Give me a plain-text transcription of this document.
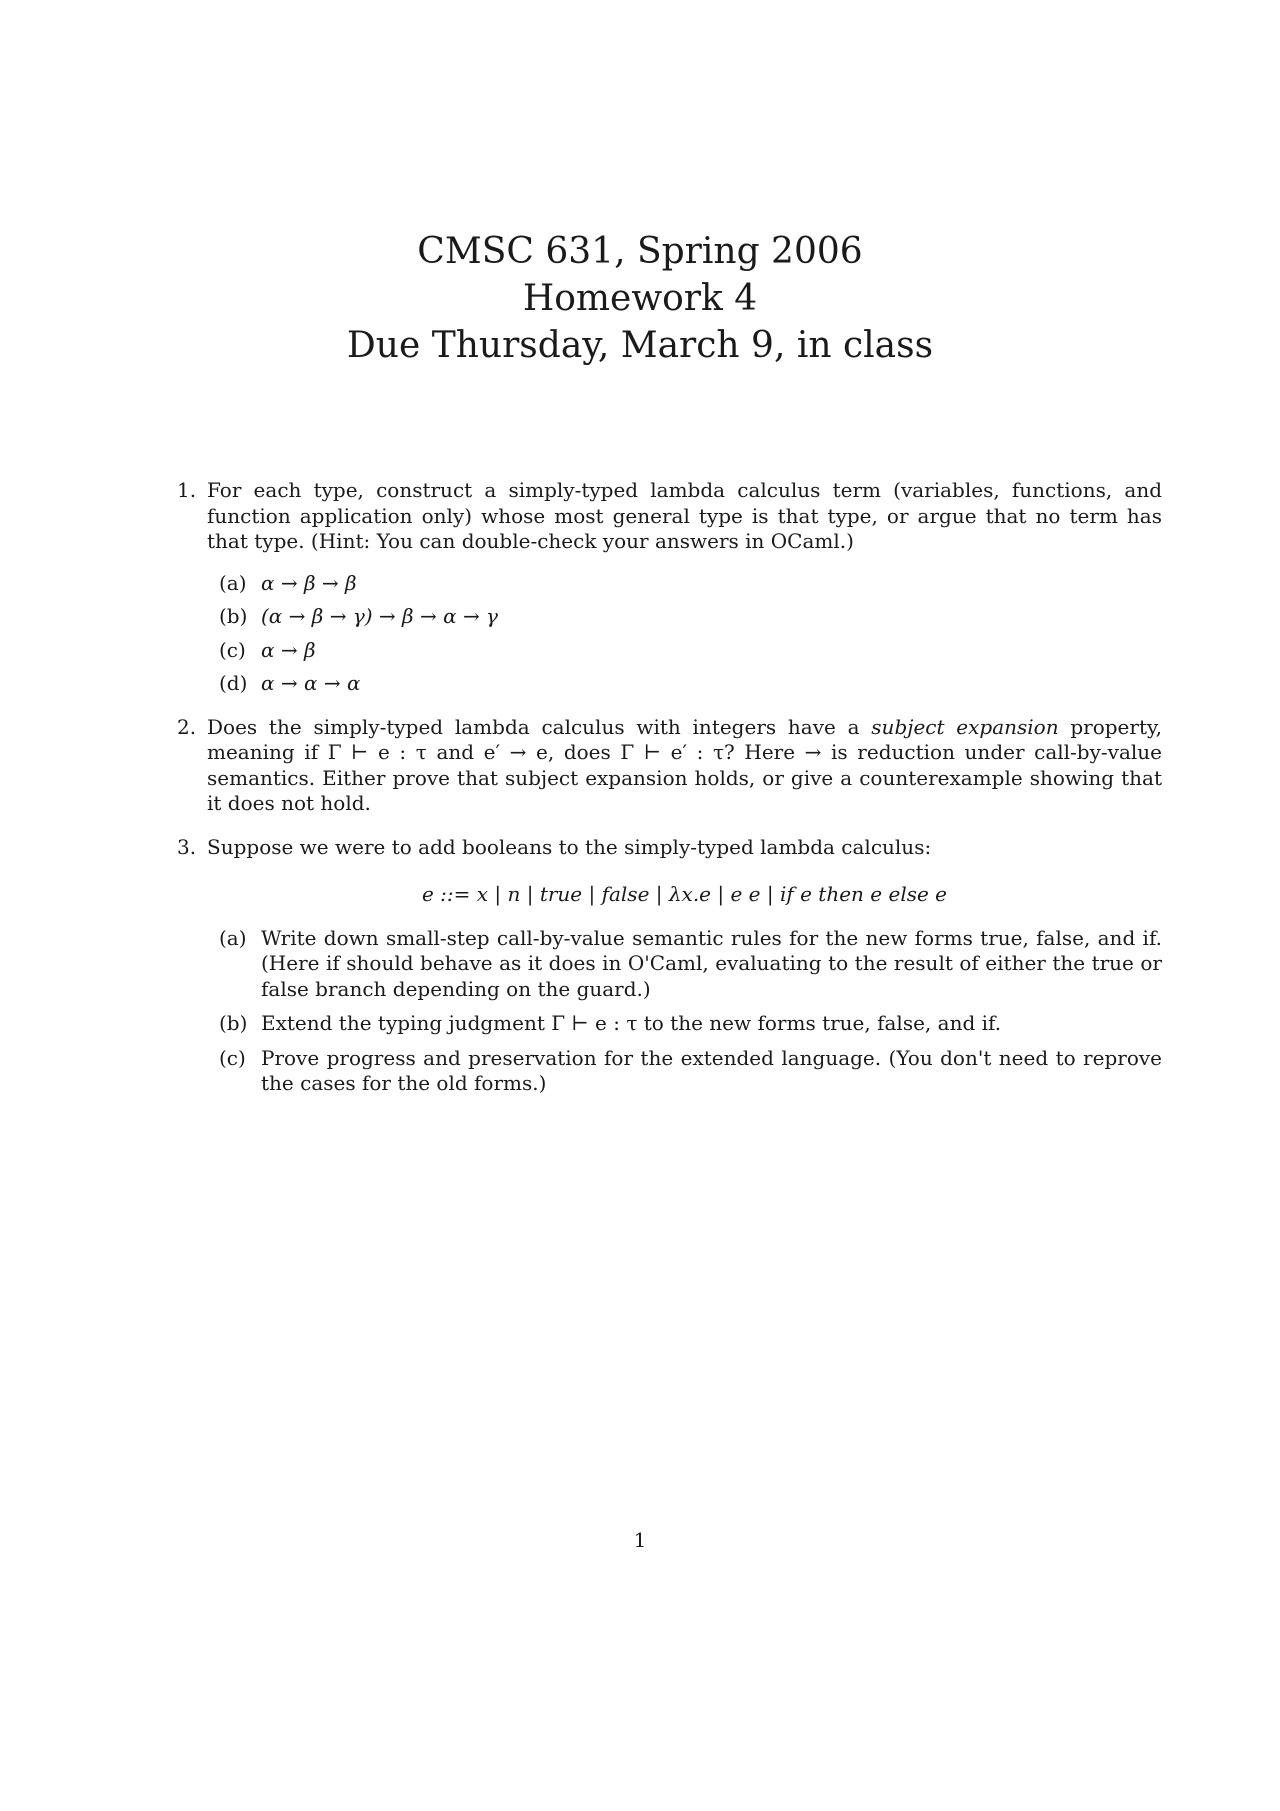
CMSC 631, Spring 2006

Homework 4

Due Thursday, March 9, in class

1. For each type, construct a simply-typed lambda calculus term (variables, functions, and function application only) whose most general type is that type, or argue that no term has that type. (Hint: You can double-check your answers in OCaml.)
(a) α → β → β
(b) (α → β → γ) → β → α → γ
(c) α → β
(d) α → α → α
2. Does the simply-typed lambda calculus with integers have a subject expansion property, meaning if Γ ⊢ e : τ and e′ → e, does Γ ⊢ e′ : τ? Here → is reduction under call-by-value semantics. Either prove that subject expansion holds, or give a counterexample showing that it does not hold.
3. Suppose we were to add booleans to the simply-typed lambda calculus:
e ::= x | n | true | false | λx.e | e e | if e then e else e
(a) Write down small-step call-by-value semantic rules for the new forms true, false, and if. (Here if should behave as it does in O'Caml, evaluating to the result of either the true or false branch depending on the guard.)
(b) Extend the typing judgment Γ ⊢ e : τ to the new forms true, false, and if.
(c) Prove progress and preservation for the extended language. (You don't need to reprove the cases for the old forms.)
1
